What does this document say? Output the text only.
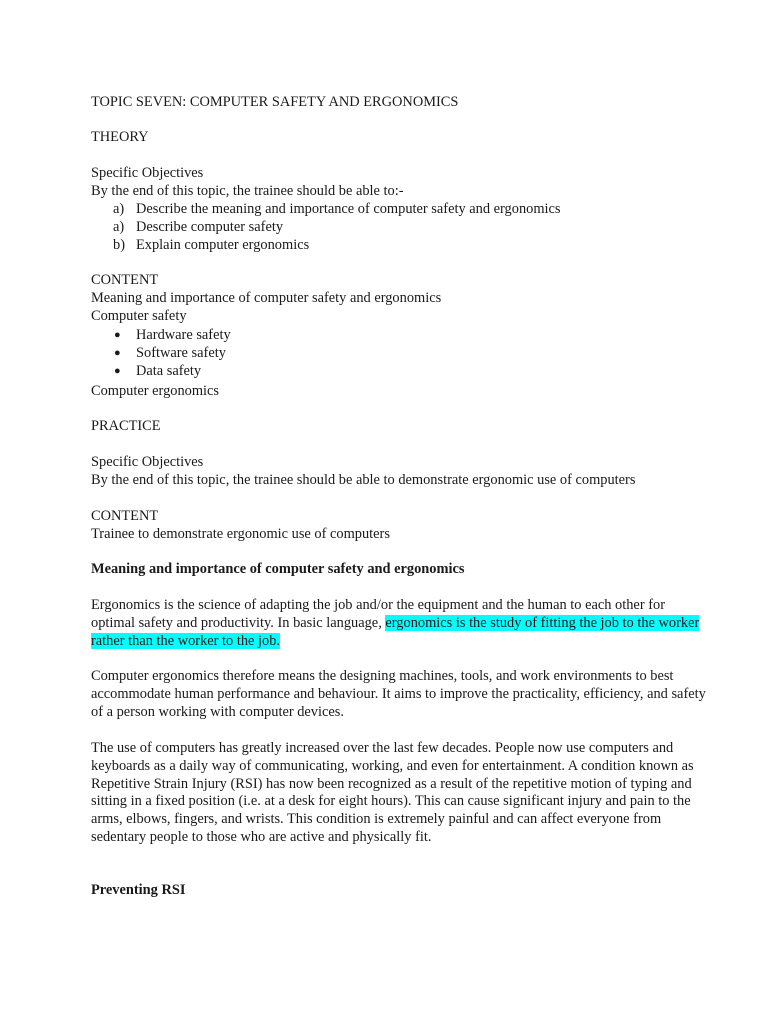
TOPIC SEVEN: COMPUTER SAFETY AND ERGONOMICS

THEORY

Specific Objectives

By the end of this topic, the trainee should be able to:-

a) Describe the meaning and importance of computer safety and ergonomics
a) Describe computer safety
b) Explain computer ergonomics

CONTENT

Meaning and importance of computer safety and ergonomics

Computer safety

● Hardware safety
● Software safety
● Data safety

Computer ergonomics

PRACTICE

Specific Objectives

By the end of this topic, the trainee should be able to demonstrate ergonomic use of computers

CONTENT

Trainee to demonstrate ergonomic use of computers

Meaning and importance of computer safety and ergonomics

Ergonomics is the science of adapting the job and/or the equipment and the human to each other for optimal safety and productivity. In basic language, ergonomics is the study of fitting the job to the worker rather than the worker to the job.

Computer ergonomics therefore means the designing machines, tools, and work environments to best accommodate human performance and behaviour. It aims to improve the practicality, efficiency, and safety of a person working with computer devices.

The use of computers has greatly increased over the last few decades. People now use computers and keyboards as a daily way of communicating, working, and even for entertainment. A condition known as Repetitive Strain Injury (RSI) has now been recognized as a result of the repetitive motion of typing and sitting in a fixed position (i.e. at a desk for eight hours). This can cause significant injury and pain to the arms, elbows, fingers, and wrists. This condition is extremely painful and can affect everyone from sedentary people to those who are active and physically fit.

Preventing RSI
